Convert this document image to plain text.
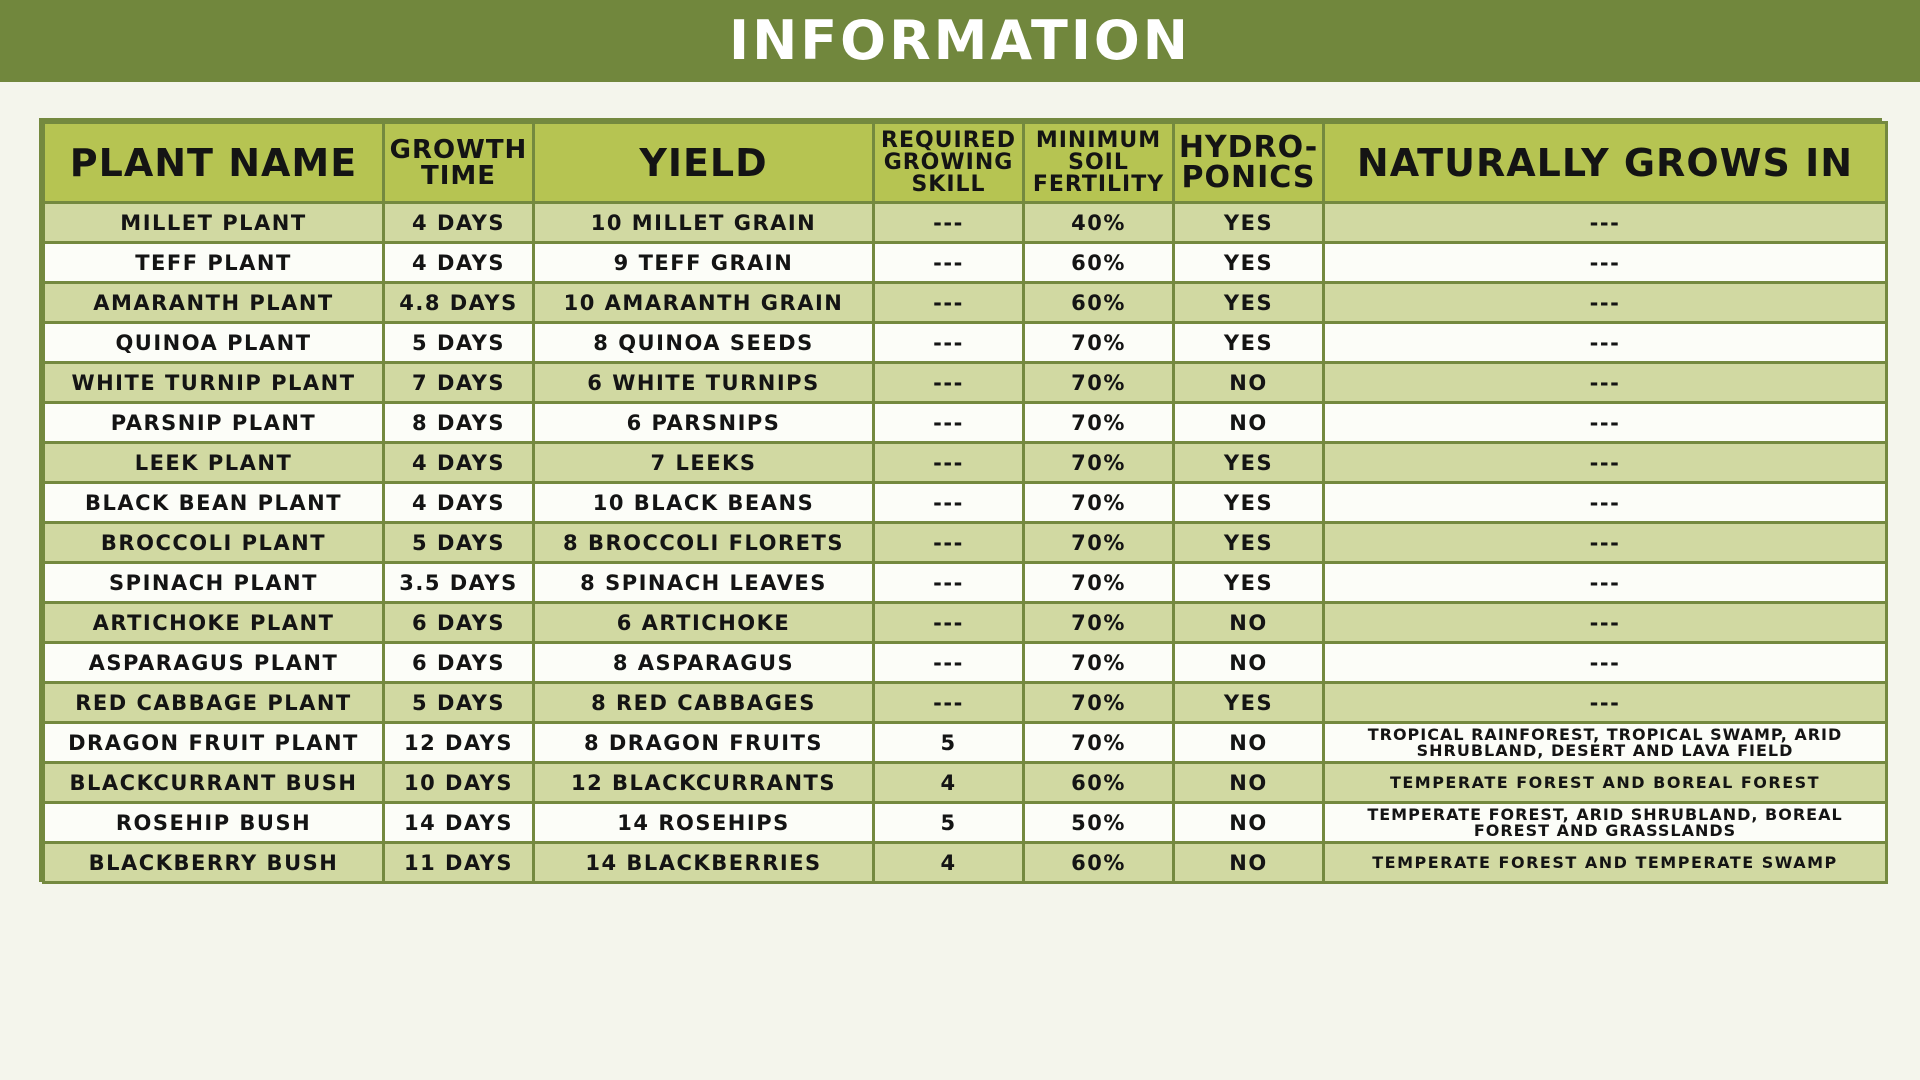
INFORMATION
PLANT NAME	GROWTH TIME	YIELD	REQUIRED GROWING SKILL	MINIMUM SOIL FERTILITY	HYDRO- PONICS	NATURALLY GROWS IN
MILLET PLANT	4 DAYS	10 MILLET GRAIN	---	40%	YES	---
TEFF PLANT	4 DAYS	9 TEFF GRAIN	---	60%	YES	---
AMARANTH PLANT	4.8 DAYS	10 AMARANTH GRAIN	---	60%	YES	---
QUINOA PLANT	5 DAYS	8 QUINOA SEEDS	---	70%	YES	---
WHITE TURNIP PLANT	7 DAYS	6 WHITE TURNIPS	---	70%	NO	---
PARSNIP PLANT	8 DAYS	6 PARSNIPS	---	70%	NO	---
LEEK PLANT	4 DAYS	7 LEEKS	---	70%	YES	---
BLACK BEAN PLANT	4 DAYS	10 BLACK BEANS	---	70%	YES	---
BROCCOLI PLANT	5 DAYS	8 BROCCOLI FLORETS	---	70%	YES	---
SPINACH PLANT	3.5 DAYS	8 SPINACH LEAVES	---	70%	YES	---
ARTICHOKE PLANT	6 DAYS	6 ARTICHOKE	---	70%	NO	---
ASPARAGUS PLANT	6 DAYS	8 ASPARAGUS	---	70%	NO	---
RED CABBAGE PLANT	5 DAYS	8 RED CABBAGES	---	70%	YES	---
DRAGON FRUIT PLANT	12 DAYS	8 DRAGON FRUITS	5	70%	NO	TROPICAL RAINFOREST, TROPICAL SWAMP, ARID SHRUBLAND, DESERT AND LAVA FIELD
BLACKCURRANT BUSH	10 DAYS	12 BLACKCURRANTS	4	60%	NO	TEMPERATE FOREST AND BOREAL FOREST
ROSEHIP BUSH	14 DAYS	14 ROSEHIPS	5	50%	NO	TEMPERATE FOREST, ARID SHRUBLAND, BOREAL FOREST AND GRASSLANDS
BLACKBERRY BUSH	11 DAYS	14 BLACKBERRIES	4	60%	NO	TEMPERATE FOREST AND TEMPERATE SWAMP
